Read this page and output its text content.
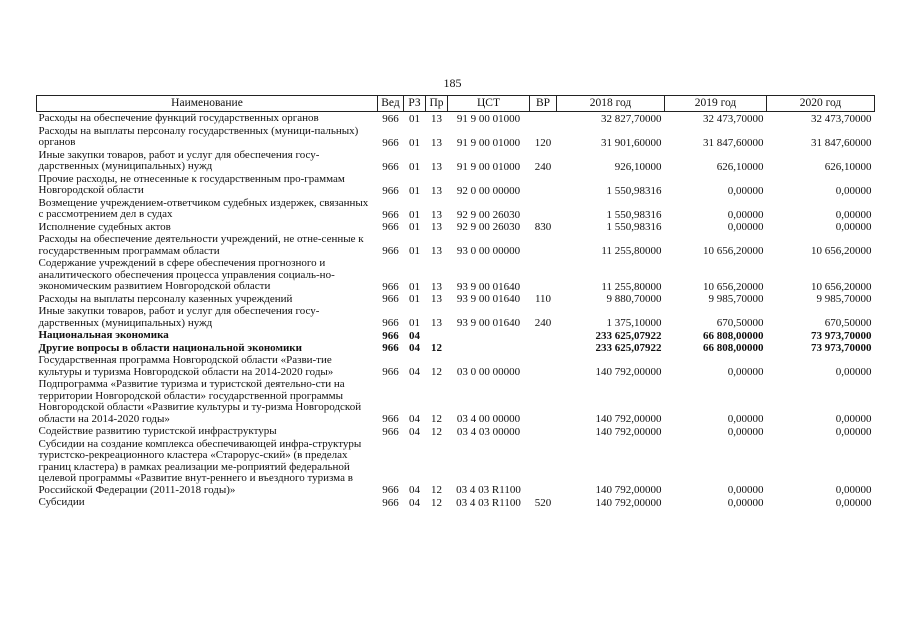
185
Наименование	Вед	РЗ	Пр	ЦСТ	ВР	2018 год	2019 год	2020 год
Расходы на обеспечение функций государственных органов	966	01	13	91 9 00 01000		32 827,70000	32 473,70000	32 473,70000
Расходы на выплаты персоналу государственных (муници-пальных) органов	966	01	13	91 9 00 01000	120	31 901,60000	31 847,60000	31 847,60000
Иные закупки товаров, работ и услуг для обеспечения госу-дарственных (муниципальных) нужд	966	01	13	91 9 00 01000	240	926,10000	626,10000	626,10000
Прочие расходы, не отнесенные к государственным про-граммам Новгородской области	966	01	13	92 0 00 00000		1 550,98316	0,00000	0,00000
Возмещение учреждением-ответчиком судебных издержек, связанных с рассмотрением дел в судах	966	01	13	92 9 00 26030		1 550,98316	0,00000	0,00000
Исполнение судебных актов	966	01	13	92 9 00 26030	830	1 550,98316	0,00000	0,00000
Расходы на обеспечение деятельности учреждений, не отне-сенные к государственным программам области	966	01	13	93 0 00 00000		11 255,80000	10 656,20000	10 656,20000
Содержание учреждений в сфере обеспечения прогнозного и аналитического обеспечения процесса управления социаль-но-экономическим развитием Новгородской области	966	01	13	93 9 00 01640		11 255,80000	10 656,20000	10 656,20000
Расходы на выплаты персоналу казенных учреждений	966	01	13	93 9 00 01640	110	9 880,70000	9 985,70000	9 985,70000
Иные закупки товаров, работ и услуг для обеспечения госу-дарственных (муниципальных) нужд	966	01	13	93 9 00 01640	240	1 375,10000	670,50000	670,50000
Национальная экономика	966	04				233 625,07922	66 808,00000	73 973,70000
Другие вопросы в области национальной экономики	966	04	12			233 625,07922	66 808,00000	73 973,70000
Государственная программа Новгородской области «Разви-тие культуры и туризма Новгородской области на 2014-2020 годы»	966	04	12	03 0 00 00000		140 792,00000	0,00000	0,00000
Подпрограмма «Развитие туризма и туристской деятельно-сти на территории Новгородской области» государственной программы Новгородской области «Развитие культуры и ту-ризма Новгородской области на 2014-2020 годы»	966	04	12	03 4 00 00000		140 792,00000	0,00000	0,00000
Содействие развитию туристской инфраструктуры	966	04	12	03 4 03 00000		140 792,00000	0,00000	0,00000
Субсидии на создание комплекса обеспечивающей инфра-структуры туристско-рекреационного кластера «Старорус-ский» (в пределах границ кластера) в рамках реализации ме-роприятий федеральной целевой программы «Развитие внут-реннего и въездного туризма в Российской Федерации (2011-2018 годы)»	966	04	12	03 4 03 R1100		140 792,00000	0,00000	0,00000
Субсидии	966	04	12	03 4 03 R1100	520	140 792,00000	0,00000	0,00000
